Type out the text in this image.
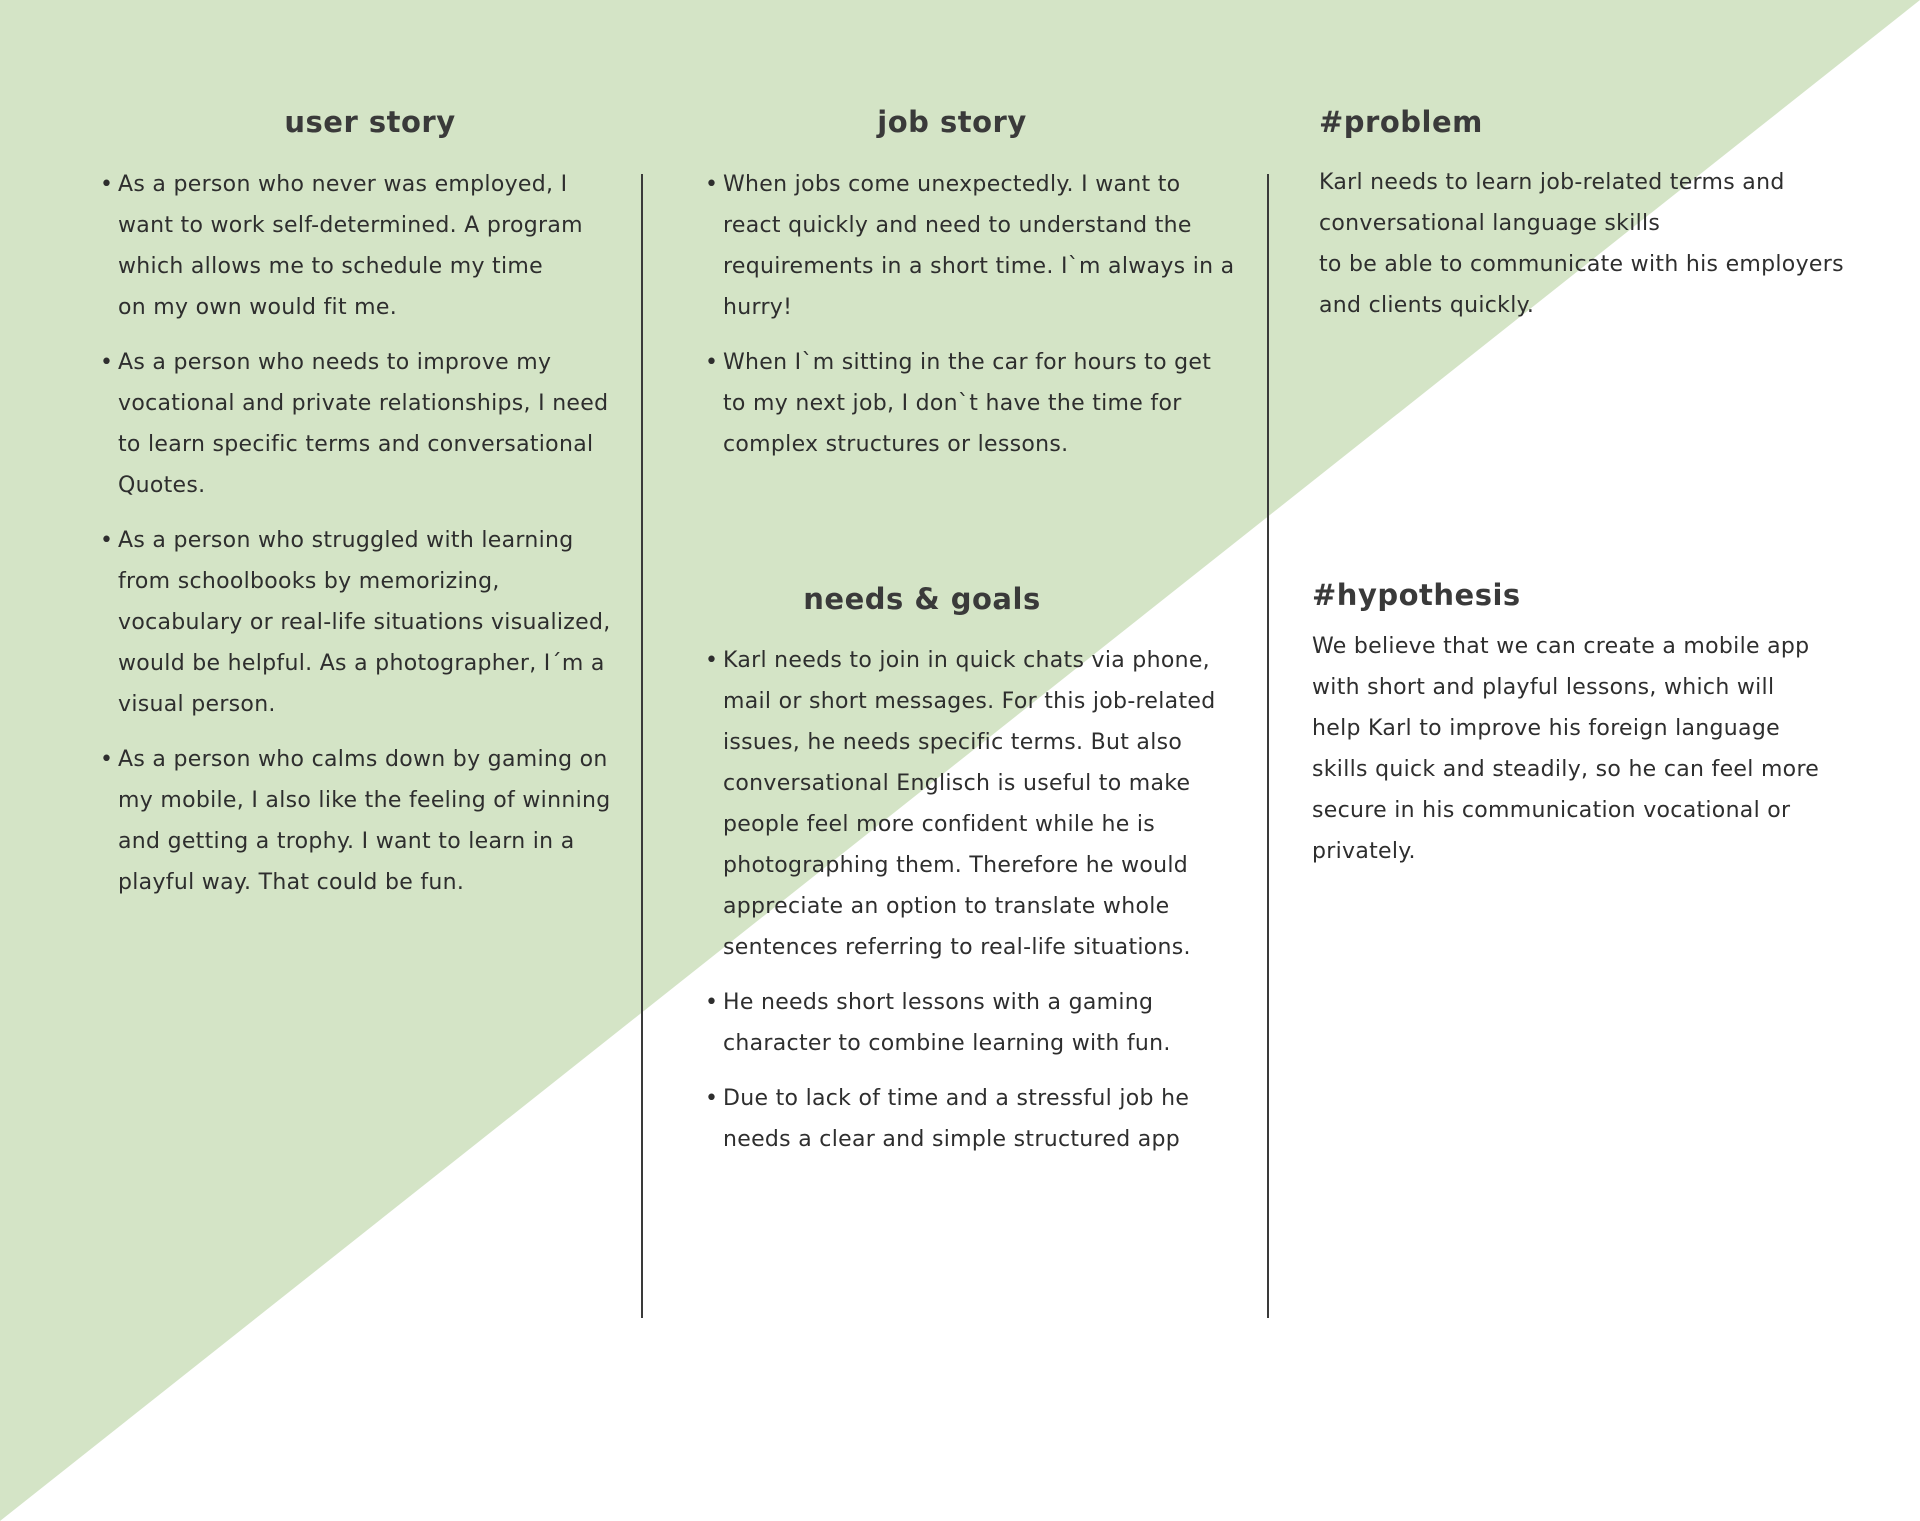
user story
• As a person who never was employed, I
want to work self-determined. A program
which allows me to schedule my time
on my own would fit me.
• As a person who needs to improve my
vocational and private relationships, I need
to learn specific terms and conversational
Quotes.
• As a person who struggled with learning
from schoolbooks by memorizing,
vocabulary or real-life situations visualized,
would be helpful. As a photographer, I´m a
visual person.
• As a person who calms down by gaming on
my mobile, I also like the feeling of winning
and getting a trophy. I want to learn in a
playful way. That could be fun.
job story
• When jobs come unexpectedly. I want to
react quickly and need to understand the
requirements in a short time. I`m always in a
hurry!
• When I`m sitting in the car for hours to get
to my next job, I don`t have the time for
complex structures or lessons.
needs & goals
• Karl needs to join in quick chats via phone,
mail or short messages. For this job-related
issues, he needs specific terms. But also
conversational Englisch is useful to make
people feel more confident while he is
photographing them. Therefore he would
appreciate an option to translate whole
sentences referring to real-life situations.
• He needs short lessons with a gaming
character to combine learning with fun.
• Due to lack of time and a stressful job he
needs a clear and simple structured app
#problem

Karl needs to learn job-related terms and
conversational language skills
to be able to communicate with his employers
and clients quickly.

#hypothesis

We believe that we can create a mobile app
with short and playful lessons, which will
help Karl to improve his foreign language
skills quick and steadily, so he can feel more
secure in his communication vocational or
privately.
